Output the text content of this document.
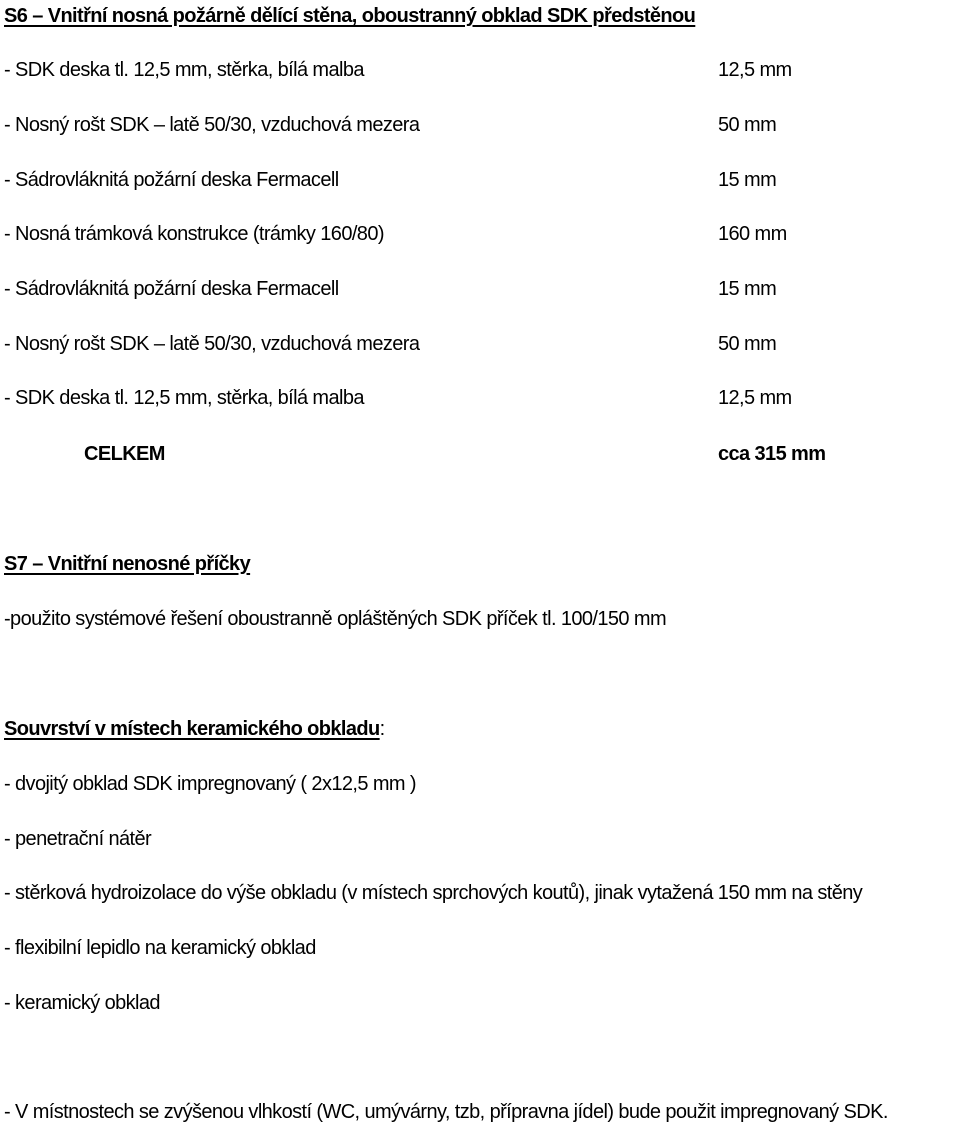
S6 – Vnitřní nosná požárně dělící stěna, oboustranný obklad SDK předstěnou
- SDK deska tl. 12,5 mm, stěrka, bílá malba	12,5 mm
- Nosný rošt SDK – latě 50/30, vzduchová mezera	50 mm
- Sádrovláknitá požární deska Fermacell	15 mm
- Nosná trámková konstrukce (trámky 160/80)	160 mm
- Sádrovláknitá požární deska Fermacell	15 mm
- Nosný rošt SDK – latě 50/30, vzduchová mezera	50 mm
- SDK deska tl. 12,5 mm, stěrka, bílá malba	12,5 mm
CELKEM	cca 315 mm
S7 – Vnitřní nenosné příčky
-použito systémové řešení oboustranně opláštěných SDK příček tl. 100/150 mm
Souvrství v místech keramického obkladu:
- dvojitý obklad SDK impregnovaný ( 2x12,5 mm )
- penetrační nátěr
- stěrková hydroizolace do výše obkladu (v místech sprchových koutů), jinak vytažená 150 mm na stěny
- flexibilní lepidlo na keramický obklad
- keramický obklad
- V místnostech se zvýšenou vlhkostí (WC, umývárny, tzb, přípravna jídel) bude použit impregnovaný SDK.
